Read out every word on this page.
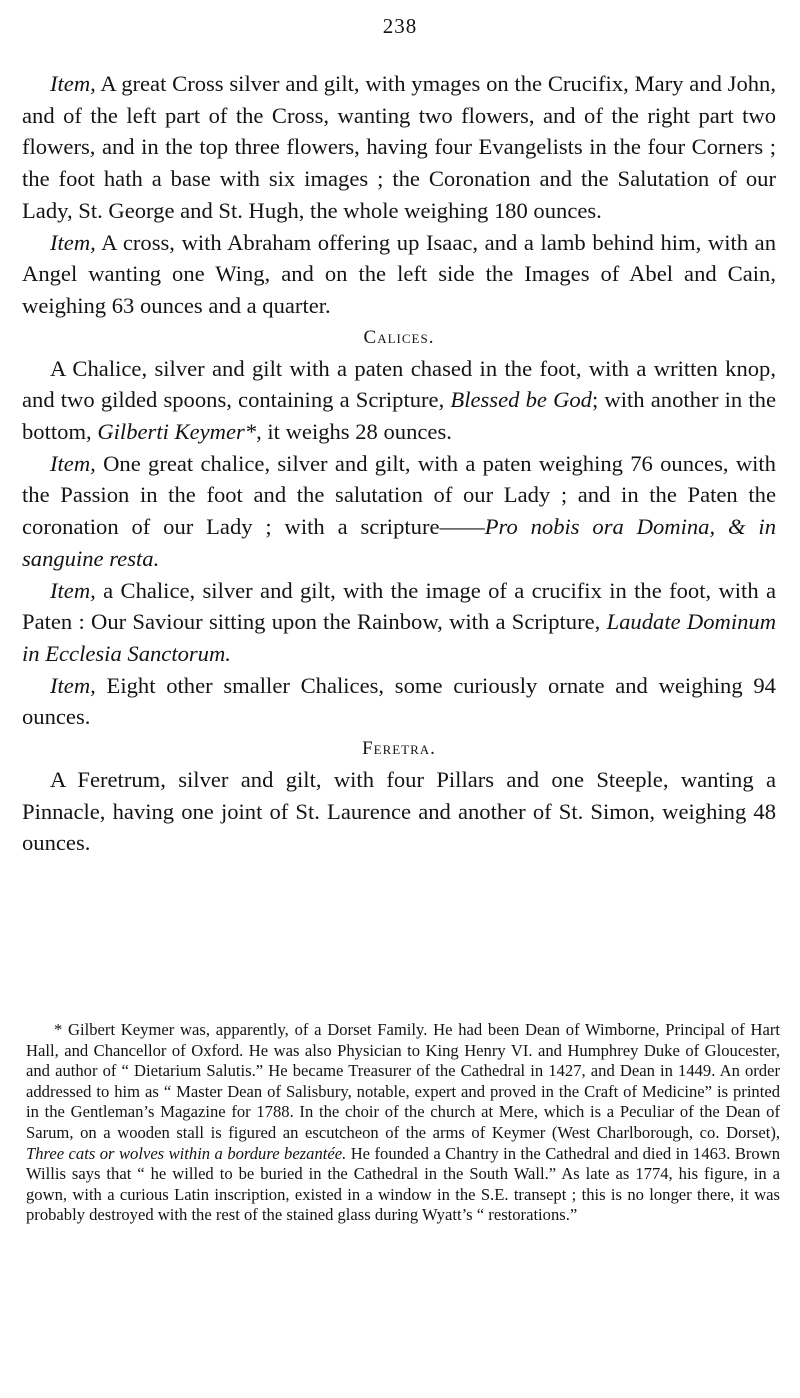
238

Item, A great Cross silver and gilt, with ymages on the Crucifix, Mary and John, and of the left part of the Cross, wanting two flowers, and of the right part two flowers, and in the top three flowers, having four Evangelists in the four Corners ; the foot hath a base with six images ; the Coronation and the Salutation of our Lady, St. George and St. Hugh, the whole weighing 180 ounces.

Item, A cross, with Abraham offering up Isaac, and a lamb behind him, with an Angel wanting one Wing, and on the left side the Images of Abel and Cain, weighing 63 ounces and a quarter.

Calices.

A Chalice, silver and gilt with a paten chased in the foot, with a written knop, and two gilded spoons, containing a Scripture, Blessed be God; with another in the bottom, Gilberti Keymer*, it weighs 28 ounces.

Item, One great chalice, silver and gilt, with a paten weighing 76 ounces, with the Passion in the foot and the salutation of our Lady ; and in the Paten the coronation of our Lady ; with a scripture——Pro nobis ora Domina, & in sanguine resta.

Item, a Chalice, silver and gilt, with the image of a crucifix in the foot, with a Paten : Our Saviour sitting upon the Rainbow, with a Scripture, Laudate Dominum in Ecclesia Sanctorum.

Item, Eight other smaller Chalices, some curiously ornate and weighing 94 ounces.

Feretra.

A Feretrum, silver and gilt, with four Pillars and one Steeple, wanting a Pinnacle, having one joint of St. Laurence and another of St. Simon, weighing 48 ounces.

* Gilbert Keymer was, apparently, of a Dorset Family. He had been Dean of Wimborne, Principal of Hart Hall, and Chancellor of Oxford. He was also Physician to King Henry VI. and Humphrey Duke of Gloucester, and author of “ Dietarium Salutis.” He became Treasurer of the Cathedral in 1427, and Dean in 1449. An order addressed to him as “ Master Dean of Salisbury, notable, expert and proved in the Craft of Medicine” is printed in the Gentleman’s Magazine for 1788. In the choir of the church at Mere, which is a Peculiar of the Dean of Sarum, on a wooden stall is figured an escutcheon of the arms of Keymer (West Charlborough, co. Dorset), Three cats or wolves within a bordure bezantée. He founded a Chantry in the Cathedral and died in 1463. Brown Willis says that “ he willed to be buried in the Cathedral in the South Wall.” As late as 1774, his figure, in a gown, with a curious Latin inscription, existed in a window in the S.E. transept ; this is no longer there, it was probably destroyed with the rest of the stained glass during Wyatt’s “ restorations.”
